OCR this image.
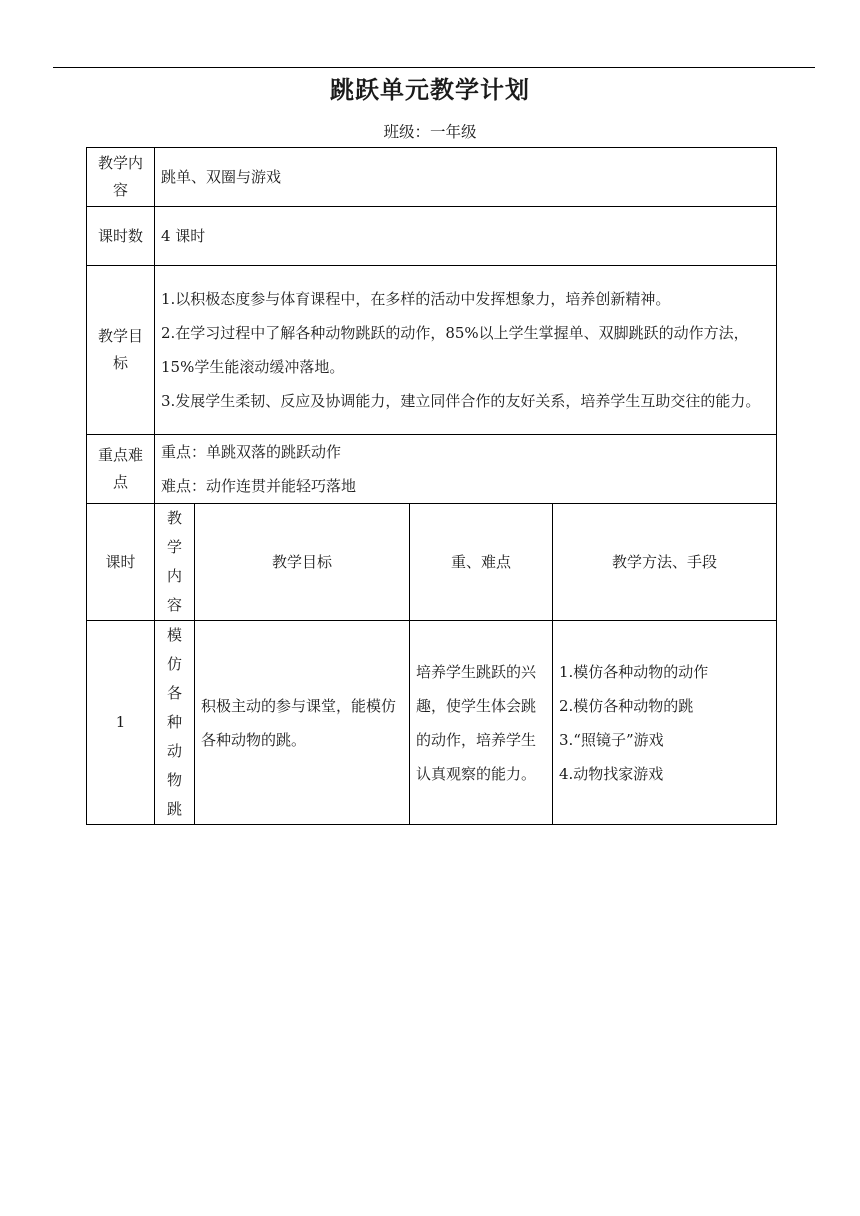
跳跃单元教学计划
班级：一年级
教学内容	跳单、双圈与游戏			
课时数	4 课时			
教学目标	1.以积极态度参与体育课程中，在多样的活动中发挥想象力，培养创新精神。
2.在学习过程中了解各种动物跳跃的动作，85%以上学生掌握单、双脚跳跃的动作方法，15%学生能滚动缓冲落地。
3.发展学生柔韧、反应及协调能力，建立同伴合作的友好关系，培养学生互助交往的能力。			

重点难点	重点：单跳双落的跳跃动作
难点：动作连贯并能轻巧落地			

课时	教学内容	教学目标	重、难点	教学方法、手段
1	模仿各种动物跳	积极主动的参与课堂，能模仿各种动物的跳。	培养学生跳跃的兴趣，使学生体会跳的动作，培养学生认真观察的能力。	1.模仿各种动物的动作
2.模仿各种动物的跳
3.“照镜子”游戏
4.动物找家游戏
